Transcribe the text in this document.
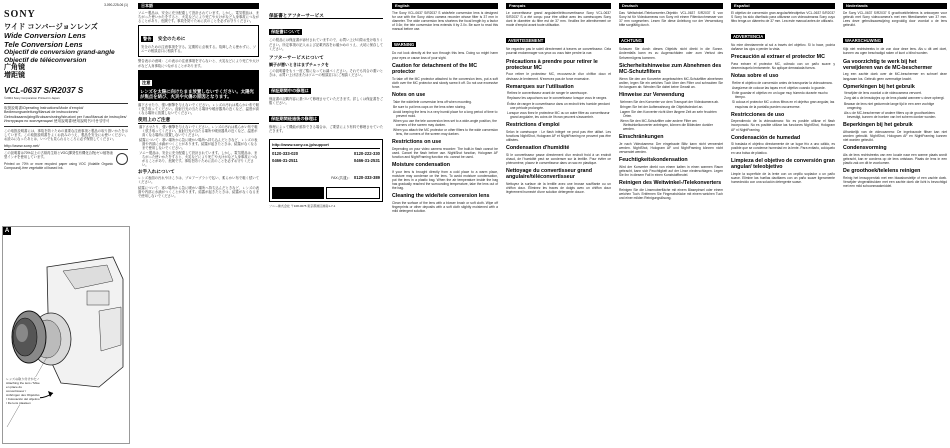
3-090-225-06 (1)
SONY
ワイド コンバージョンレンズ
Wide Conversion Lens
Tele Conversion Lens
Objectif de conversion grand-angle
Objectif de téléconversion
广角镜
增距镜
VCL-0637 S/R2037 S
©2004 Sony Corporation Printed in Japan
取扱説明書/Operating Instructions/Mode d'emploi/ Bedienungsanleitung/Manual de instrucciones/ Gebruiksaanwijzing/Bruksanvisning/Istruzioni per l'uso/Manual de instruções/Инструкция по эксплуатации/ 使用說明書/使用說明书/사용설명서
この取扱説明書には、事故を防ぐための重要な注意事項と製品の取り扱いかたを示しています。この取扱説明書をよくお読みのうえ、製品を安全にお使いください。お読みになったあとは、いつでも見られるところに必ず保管してください。
http://www.sony.net/
この説明書は70%以上の古紙再生紙とVOC(揮発性有機化合物)ゼロ植物油型インキを使用しています。
Printed on 70% or more recycled paper using VOC (Volatile Organic Compound)-free vegetable oil based ink.
A
レンズの取り付けかた / Attaching the lens / Mise en place du convertisseur / Anbringen des Objektivs / Colocación del objetivo / De lens plaatsen
日本語
ソニー製品は、安全に充分配慮して設計されています。しかし、電気製品は、まちがった使いかたをすると、火災などにより死亡や大けがなど人身事故につながることがあり、危険です。事故を防ぐために次のことを必ずお守りください。
警告 安全のために
安全のための注意事項を守る。定期的に点検する。故障したら使わずに、ソニーの相談窓口に相談する。
警告表示の意味：この表示の注意事項を守らないと、火災などにより死亡や大けがなど人身事故につながることがあります。
注意
レンズを太陽に向けたまま放置しないでください。太陽光が焦点を結び、火災や火傷の原因となります。
落下させたり、強い衝撃を与えないでください。レンズの汚れは柔らかい布で軽く拭き取ってください。直射日光の当たる場所や暖房器具の近くなど、温度が高くなる場所に放置しないでください。
使用上のご注意
落下させたり、強い衝撃を与えないでください。レンズの汚れは柔らかい布で軽く拭き取ってください。直射日光の当たる場所や暖房器具の近くなど、温度が高くなる場所に放置しないでください。
結露について：寒い場所から急に暖かい場所へ持ち込んだときなど、レンズの表面や内部に水滴がつくことがあります。結露が起きたときは、結露がなくなるまで使用しないでください。
ソニー製品は、安全に充分配慮して設計されています。しかし、電気製品は、まちがった使いかたをすると、火災などにより死亡や大けがなど人身事故につながることがあり、危険です。事故を防ぐために次のことを必ずお守りください。
お手入れについて
レンズ表面の汚れやほこりは、ブロアーブラシで払い、柔らかい布で軽く拭いてください。
結露について：寒い場所から急に暖かい場所へ持ち込んだときなど、レンズの表面や内部に水滴がつくことがあります。結露が起きたときは、結露がなくなるまで使用しないでください。
保証書とアフターサービス
保証書について
この製品には保証書が添付されていますので、お買い上げの際お受け取りください。所定事項の記入および記載内容をお確かめのうえ、大切に保存してください。
アフターサービスについて
調子が悪いときはまずチェックを
この説明書をもう一度ご覧になってお調べください。それでも具合の悪いときは、お買い上げ店またはソニーの相談窓口にご相談ください。
保証期間中の修理は
保証書の記載内容に基づいて修理させていただきます。詳しくは保証書をご覧ください。
保証期間経過後の修理は
修理によって機能が維持できる場合は、ご要望により有料で修理させていただきます。
http://www.sony.co.jp/support
0120-333-020	0120-222-330
0466-31-2511	0466-31-2531
FAX (共通) : 0120-333-389
ソニー株式会社 〒108-0075 東京都港区港南1-7-1
English
The Sony VCL-0637 S/R2037 S wide/tele conversion lens is designed for use with the Sony video camera recorder whose filter is 37 mm in diameter. The wide conversion lens shortens the focal length by a factor of 0.6x; the tele conversion lens extends it by 2.0x. Be sure to read this manual before use.
WARNING
Do not look directly at the sun through this lens. Doing so might harm your eyes or cause loss of your sight.
Caution for detachment of the MC protector
To take off the MC protector attached to the conversion lens, put a soft cloth over the MC protector and slowly screw it off. Do not use excessive force.
Notes on use
Take the wide/tele conversion lens off when mounting.
Be sure to put lens caps on the lens when storing.
Avoid keeping the lens in a very humid place for a long period of time to prevent mold.
When you use the tele conversion lens set to a wide-angle position, the corners of the screen may darken.
When you attach the MC protector or other filters to the wide conversion lens, the corners of the screen may darken.
Restrictions on use
Depending on your video camera recorder: The built-in flash cannot be used. Cancel the flash before use. NightShot function, Hologram AF function and NightFraming function etc. cannot be used.
Moisture condensation
If your lens is brought directly from a cold place to a warm place, moisture may condense on the lens. To avoid moisture condensation, put the lens in a plastic bag. When the air temperature inside the bag has gradually reached the surrounding temperature, take the lens out of the bag.
Cleaning the wide/tele conversion lens
Clean the surface of the lens with a blower brush or soft cloth. Wipe off fingerprints or other deposits with a soft cloth slightly moistened with a mild detergent solution.
Français
Le convertisseur grand angulaire/téléconvertisseur Sony VCL-0637 S/R2037 S a été conçu pour être utilisé avec les caméscopes Sony dont le diamètre du filtre est de 37 mm. Veuillez lire attentivement ce mode d'emploi avant toute utilisation.
AVERTISSEMENT
Ne regardez pas le soleil directement à travers ce convertisseur. Cela pourrait endommager vos yeux ou vous faire perdre la vue.
Précautions à prendre pour retirer le protecteur MC
Pour retirer le protecteur MC, recouvrez-le d'un chiffon doux et dévissez-le lentement. N'exercez pas de force excessive.
Remarques sur l'utilisation
Retirez le convertisseur avant de ranger le caméscope.
Replacez les capuchons sur le convertisseur lorsque vous le rangez.
Évitez de ranger le convertisseur dans un endroit très humide pendant une période prolongée.
Lorsque vous fixez le protecteur MC ou un autre filtre au convertisseur grand angulaire, les coins de l'écran peuvent s'assombrir.
Restrictions d'emploi
Selon le caméscope : Le flash intégré ne peut pas être utilisé. Les fonctions NightShot, Hologram AF et NightFraming ne peuvent pas être utilisées.
Condensation d'humidité
Si le convertisseur passe directement d'un endroit froid à un endroit chaud, de l'humidité peut se condenser sur la lentille. Pour éviter ce phénomène, placez le convertisseur dans un sac en plastique.
Nettoyage du convertisseur grand angulaire/téléconvertisseur
Nettoyez la surface de la lentille avec une brosse soufflante ou un chiffon doux. Éliminez les traces de doigts avec un chiffon doux légèrement humecté d'une solution détergente douce.
Deutsch
Das Weitwinkel-/Telekonverter-Objektiv VCL-0637 S/R2037 S von Sony ist für Videokameras von Sony mit einem Filterdurchmesser von 37 mm vorgesehen. Lesen Sie diese Anleitung vor der Verwendung bitte sorgfältig durch.
ACHTUNG
Schauen Sie durch dieses Objektiv nicht direkt in die Sonne. Andernfalls kann es zu Augenschäden oder zum Verlust des Sehvermögens kommen.
Sicherheitshinweise zum Abnehmen des MC-Schutzfilters
Wenn Sie den am Konverter angebrachten MC-Schutzfilter abnehmen wollen, legen Sie ein weiches Tuch über den Filter und schrauben Sie ihn langsam ab. Wenden Sie dabei keine Gewalt an.
Hinweise zur Verwendung
Nehmen Sie den Konverter vor dem Transport der Videokamera ab.
Bringen Sie bei der Aufbewahrung die Objektivdeckel an.
Lagern Sie den Konverter nicht über längere Zeit an sehr feuchten Orten.
Wenn Sie den MC-Schutzfilter oder andere Filter am Weitwinkelkonverter anbringen, können die Bildecken dunkler werden.
Einschränkungen
Je nach Videokamera: Der eingebaute Blitz kann nicht verwendet werden. NightShot, Hologram AF und NightFraming können nicht verwendet werden.
Feuchtigkeitskondensation
Wird der Konverter direkt von einem kalten in einen warmen Raum gebracht, kann sich Feuchtigkeit auf der Linse niederschlagen. Legen Sie ihn in diesem Fall in einen Kunststoffbeutel.
Reinigen des Weitwinkel-/Telekonverters
Reinigen Sie die Linsenoberfläche mit einem Blasepinsel oder einem weichen Tuch. Entfernen Sie Fingerabdrücke mit einem weichen Tuch und einer milden Reinigungslösung.
Español
El objetivo de conversión gran angular/teleobjetivo VCL-0637 S/R2037 S Sony ha sido diseñado para utilizarse con videocámaras Sony cuyo filtro tenga un diámetro de 37 mm. Lea este manual antes de utilizarlo.
ADVERTENCIA
No mire directamente al sol a través del objetivo. Si lo hace, podría dañarse los ojos o perder la vista.
Precaución al extraer el protector MC
Para extraer el protector MC, cúbralo con un paño suave y desenrósquelo lentamente. No aplique demasiada fuerza.
Notas sobre el uso
Retire el objetivo de conversión antes de transportar la videocámara.
Asegúrese de colocar las tapas en el objetivo cuando lo guarde.
Evite guardar el objetivo en un lugar muy húmedo durante mucho tiempo.
Si coloca el protector MC u otros filtros en el objetivo gran angular, las esquinas de la pantalla pueden oscurecerse.
Restricciones de uso
Dependiendo de la videocámara: No es posible utilizar el flash incorporado. No es posible utilizar las funciones NightShot, Hologram AF ni NightFraming.
Condensación de humedad
Si traslada el objetivo directamente de un lugar frío a uno cálido, es posible que se condense humedad en la lente. Para evitarlo, colóquelo en una bolsa de plástico.
Limpieza del objetivo de conversión gran angular/ teleobjetivo
Limpie la superficie de la lente con un cepillo soplador o un paño suave. Elimine las huellas dactilares con un paño suave ligeramente humedecido con una solución detergente suave.
Nederlands
De Sony VCL-0637 S/R2037 S groothoek/telelens is ontworpen voor gebruik met Sony videocamera's met een filterdiameter van 37 mm. Lees deze gebruiksaanwijzing zorgvuldig door voordat u de lens gebruikt.
WAARSCHUWING
Kijk niet rechtstreeks in de zon door deze lens. Als u dit wel doet, kunnen uw ogen beschadigd raken of kunt u blind worden.
Ga voorzichtig te werk bij het verwijderen van de MC-beschermer
Leg een zachte doek over de MC-beschermer en schroef deze langzaam los. Gebruik geen overmatige kracht.
Opmerkingen bij het gebruik
Verwijder de lens voordat u de videocamera vervoert.
Zorg dat u de lensdopjes op de lens plaatst wanneer u deze opbergt.
Bewaar de lens niet gedurende lange tijd in een zeer vochtige omgeving.
Als u de MC-beschermer of andere filters op de groothoeklens bevestigt, kunnen de hoeken van het scherm donker worden.
Beperkingen bij het gebruik
Afhankelijk van de videocamera: De ingebouwde flitser kan niet worden gebruikt. NightShot, Hologram AF en NightFraming kunnen niet worden gebruikt.
Condensvorming
Als de lens rechtstreeks van een koude naar een warme plaats wordt gebracht, kan er condens op de lens ontstaan. Plaats de lens in een plastic zak om dit te voorkomen.
De groothoek/telelens reinigen
Reinig het lensoppervlak met een blaasborsteltje of een zachte doek. Verwijder vingerafdrukken met een zachte doek die licht is bevochtigd met een mild schoonmaakmiddel.
